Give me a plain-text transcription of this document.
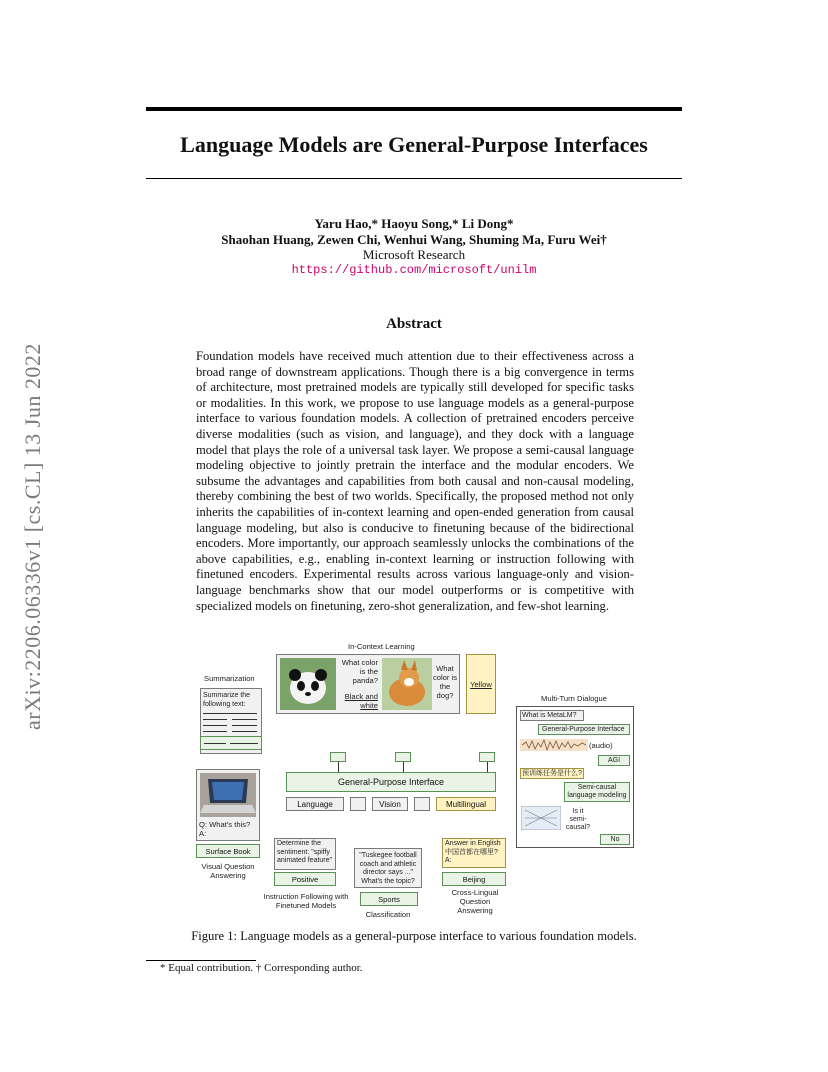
arXiv:2206.06336v1 [cs.CL] 13 Jun 2022
Language Models are General-Purpose Interfaces
Yaru Hao,* Haoyu Song,* Li Dong*
Shaohan Huang, Zewen Chi, Wenhui Wang, Shuming Ma, Furu Wei†
Microsoft Research
https://github.com/microsoft/unilm
Abstract
Foundation models have received much attention due to their effectiveness across a broad range of downstream applications. Though there is a big convergence in terms of architecture, most pretrained models are typically still developed for specific tasks or modalities. In this work, we propose to use language models as a general-purpose interface to various foundation models. A collection of pretrained encoders perceive diverse modalities (such as vision, and language), and they dock with a language model that plays the role of a universal task layer. We propose a semi-causal language modeling objective to jointly pretrain the interface and the modular encoders. We subsume the advantages and capabilities from both causal and non-causal modeling, thereby combining the best of two worlds. Specifically, the proposed method not only inherits the capabilities of in-context learning and open-ended generation from causal language modeling, but also is conducive to finetuning because of the bidirectional encoders. More importantly, our approach seamlessly unlocks the combinations of the above capabilities, e.g., enabling in-context learning or instruction following with finetuned encoders. Experimental results across various language-only and vision-language benchmarks show that our model outperforms or is competitive with specialized models on finetuning, zero-shot generalization, and few-shot learning.
In-Context Learning
What color is the panda?
Black and white
What color is the dog?
Yellow
Summarization
Summarize the following text:
Multi-Turn Dialogue
What is MetaLM?
General-Purpose Interface
(audio)
AGI
预训练任务是什么?
Semi-causal language modeling
Is it semi-causal?
No
General-Purpose Interface
Language	Vision	Multilingual
Q: What's this? A:
Surface Book
Visual Question Answering
Determine the sentiment: "spiffy animated feature"
Positive
Instruction Following with Finetuned Models
"Tuskegee football coach and athletic director says ..." What's the topic?
Sports
Classification
Answer in English 中国首都在哪里? A:
Beijing
Cross-Lingual Question Answering
Figure 1: Language models as a general-purpose interface to various foundation models.
* Equal contribution. † Corresponding author.
